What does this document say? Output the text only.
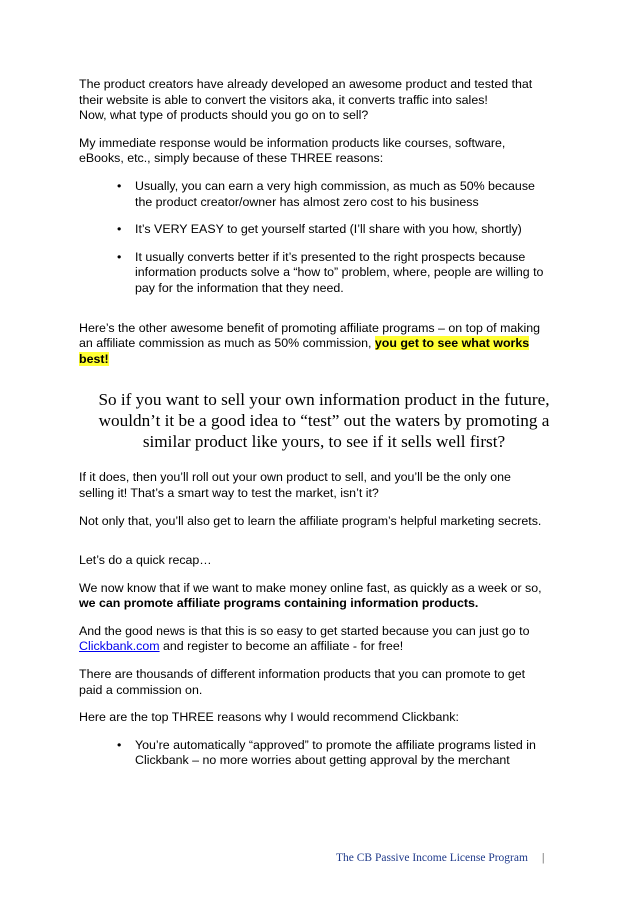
The product creators have already developed an awesome product and tested that
their website is able to convert the visitors aka, it converts traffic into sales!
Now, what type of products should you go on to sell?

My immediate response would be information products like courses, software,
eBooks, etc., simply because of these THREE reasons:

• Usually, you can earn a very high commission, as much as 50% because
the product creator/owner has almost zero cost to his business
• It’s VERY EASY to get yourself started (I’ll share with you how, shortly)
• It usually converts better if it’s presented to the right prospects because
information products solve a “how to” problem, where, people are willing to
pay for the information that they need.

Here’s the other awesome benefit of promoting affiliate programs – on top of making
an affiliate commission as much as 50% commission, you get to see what works
best!

So if you want to sell your own information product in the future,
wouldn’t it be a good idea to “test” out the waters by promoting a
similar product like yours, to see if it sells well first?

If it does, then you’ll roll out your own product to sell, and you’ll be the only one
selling it! That’s a smart way to test the market, isn’t it?

Not only that, you’ll also get to learn the affiliate program’s helpful marketing secrets.

Let’s do a quick recap…

We now know that if we want to make money online fast, as quickly as a week or so,
we can promote affiliate programs containing information products.

And the good news is that this is so easy to get started because you can just go to
Clickbank.com and register to become an affiliate - for free!

There are thousands of different information products that you can promote to get
paid a commission on.

Here are the top THREE reasons why I would recommend Clickbank:

• You’re automatically “approved” to promote the affiliate programs listed in
Clickbank – no more worries about getting approval by the merchant
The CB Passive Income License Program |
